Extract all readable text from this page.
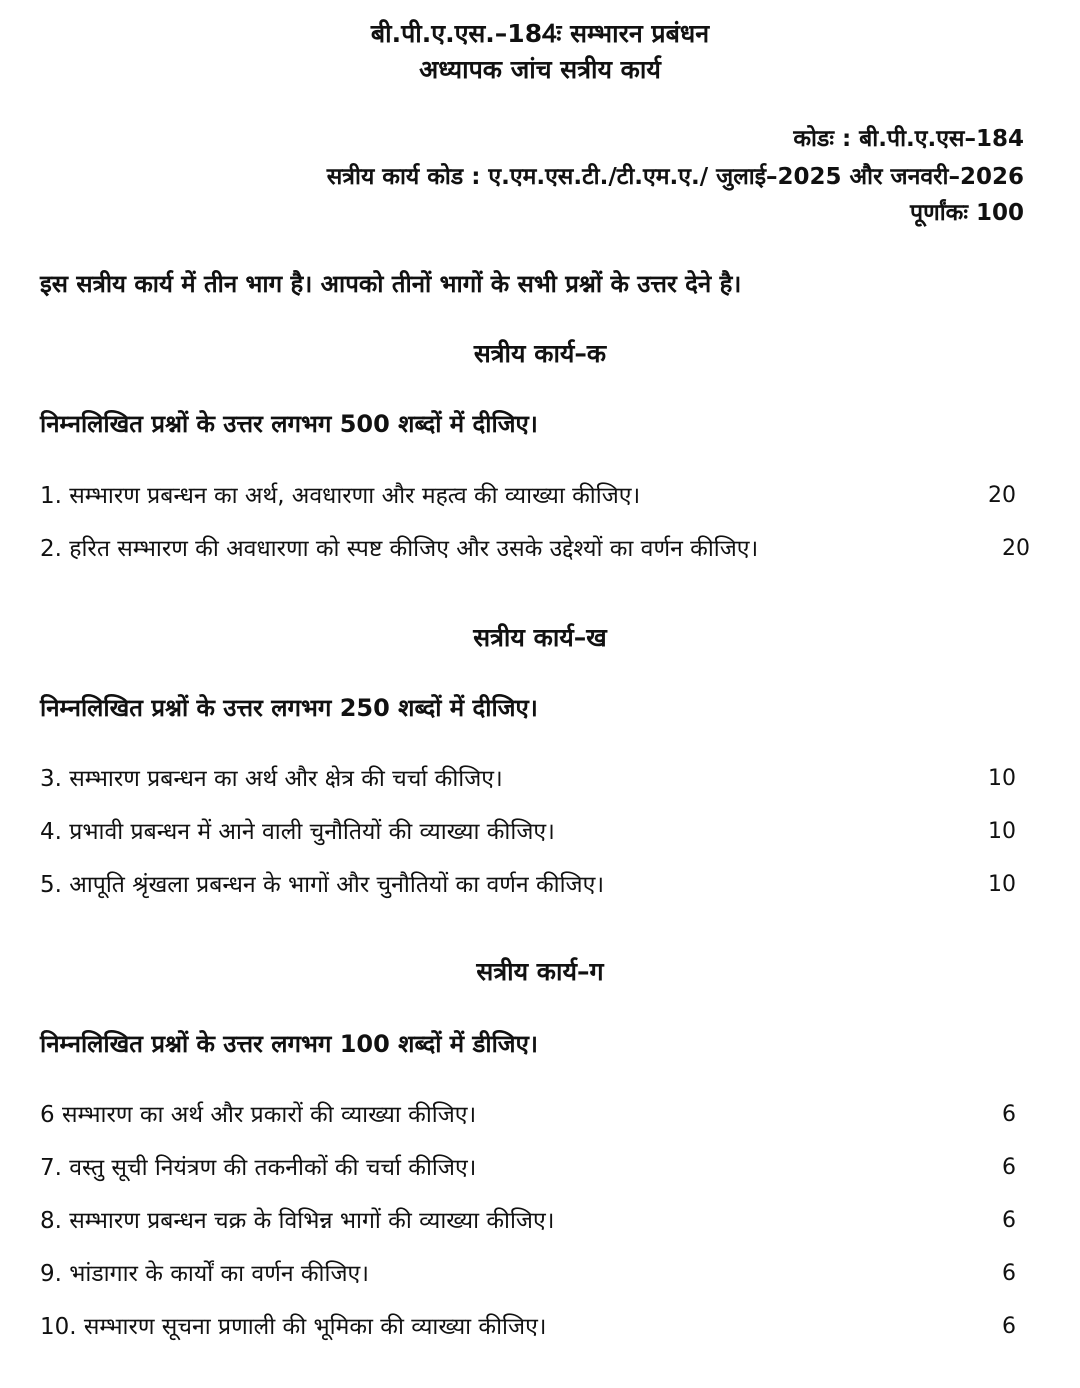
बी.पी.ए.एस.–184ः सम्भारन प्रबंधन
अध्यापक जांच सत्रीय कार्य
कोडः : बी.पी.ए.एस–184
सत्रीय कार्य कोड : ए.एम.एस.टी./टी.एम.ए./ जुलाई–2025 और जनवरी–2026
पूर्णांकः 100
इस सत्रीय कार्य में तीन भाग है। आपको तीनों भागों के सभी प्रश्नों के उत्तर देने है।
सत्रीय कार्य–क
निम्नलिखित प्रश्नों के उत्तर लगभग 500 शब्दों में दीजिए।
1. सम्भारण प्रबन्धन का अर्थ, अवधारणा और महत्व की व्याख्या कीजिए।	20
2. हरित सम्भारण की अवधारणा को स्पष्ट कीजिए और उसके उद्देश्यों का वर्णन कीजिए।	20
सत्रीय कार्य–ख
निम्नलिखित प्रश्नों के उत्तर लगभग 250 शब्दों में दीजिए।
3. सम्भारण प्रबन्धन का अर्थ और क्षेत्र की चर्चा कीजिए।	10
4. प्रभावी प्रबन्धन में आने वाली चुनौतियों की व्याख्या कीजिए।	10
5. आपूति श्रृंखला प्रबन्धन के भागों और चुनौतियों का वर्णन कीजिए।	10
सत्रीय कार्य–ग
निम्नलिखित प्रश्नों के उत्तर लगभग 100 शब्दों में डीजिए।
6 सम्भारण का अर्थ और प्रकारों की व्याख्या कीजिए।	6
7. वस्तु सूची नियंत्रण की तकनीकों की चर्चा कीजिए।	6
8. सम्भारण प्रबन्धन चक्र के विभिन्न भागों की व्याख्या कीजिए।	6
9. भांडागार के कार्यों का वर्णन कीजिए।	6
10. सम्भारण सूचना प्रणाली की भूमिका की व्याख्या कीजिए।	6
